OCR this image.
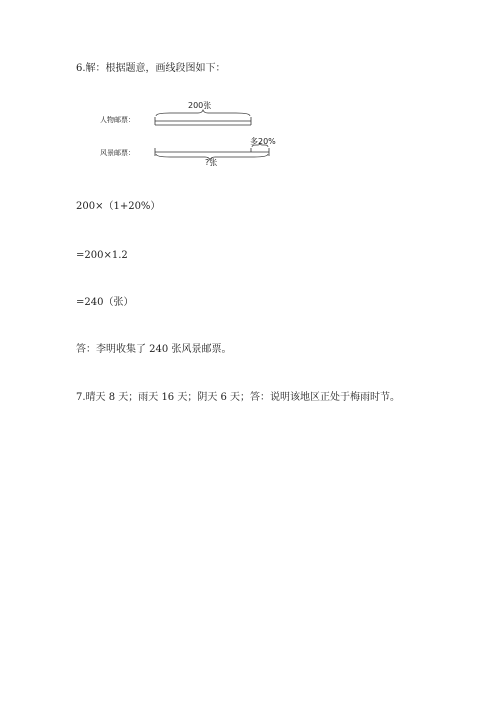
6.解：根据题意，画线段图如下：
人物邮票：
风景邮票：
200张
多20%
?张
200×（1+20%）
=200×1.2
=240（张）
答：李明收集了 240 张风景邮票。
7.晴天 8 天；雨天 16 天；阴天 6 天；答：说明该地区正处于梅雨时节。
